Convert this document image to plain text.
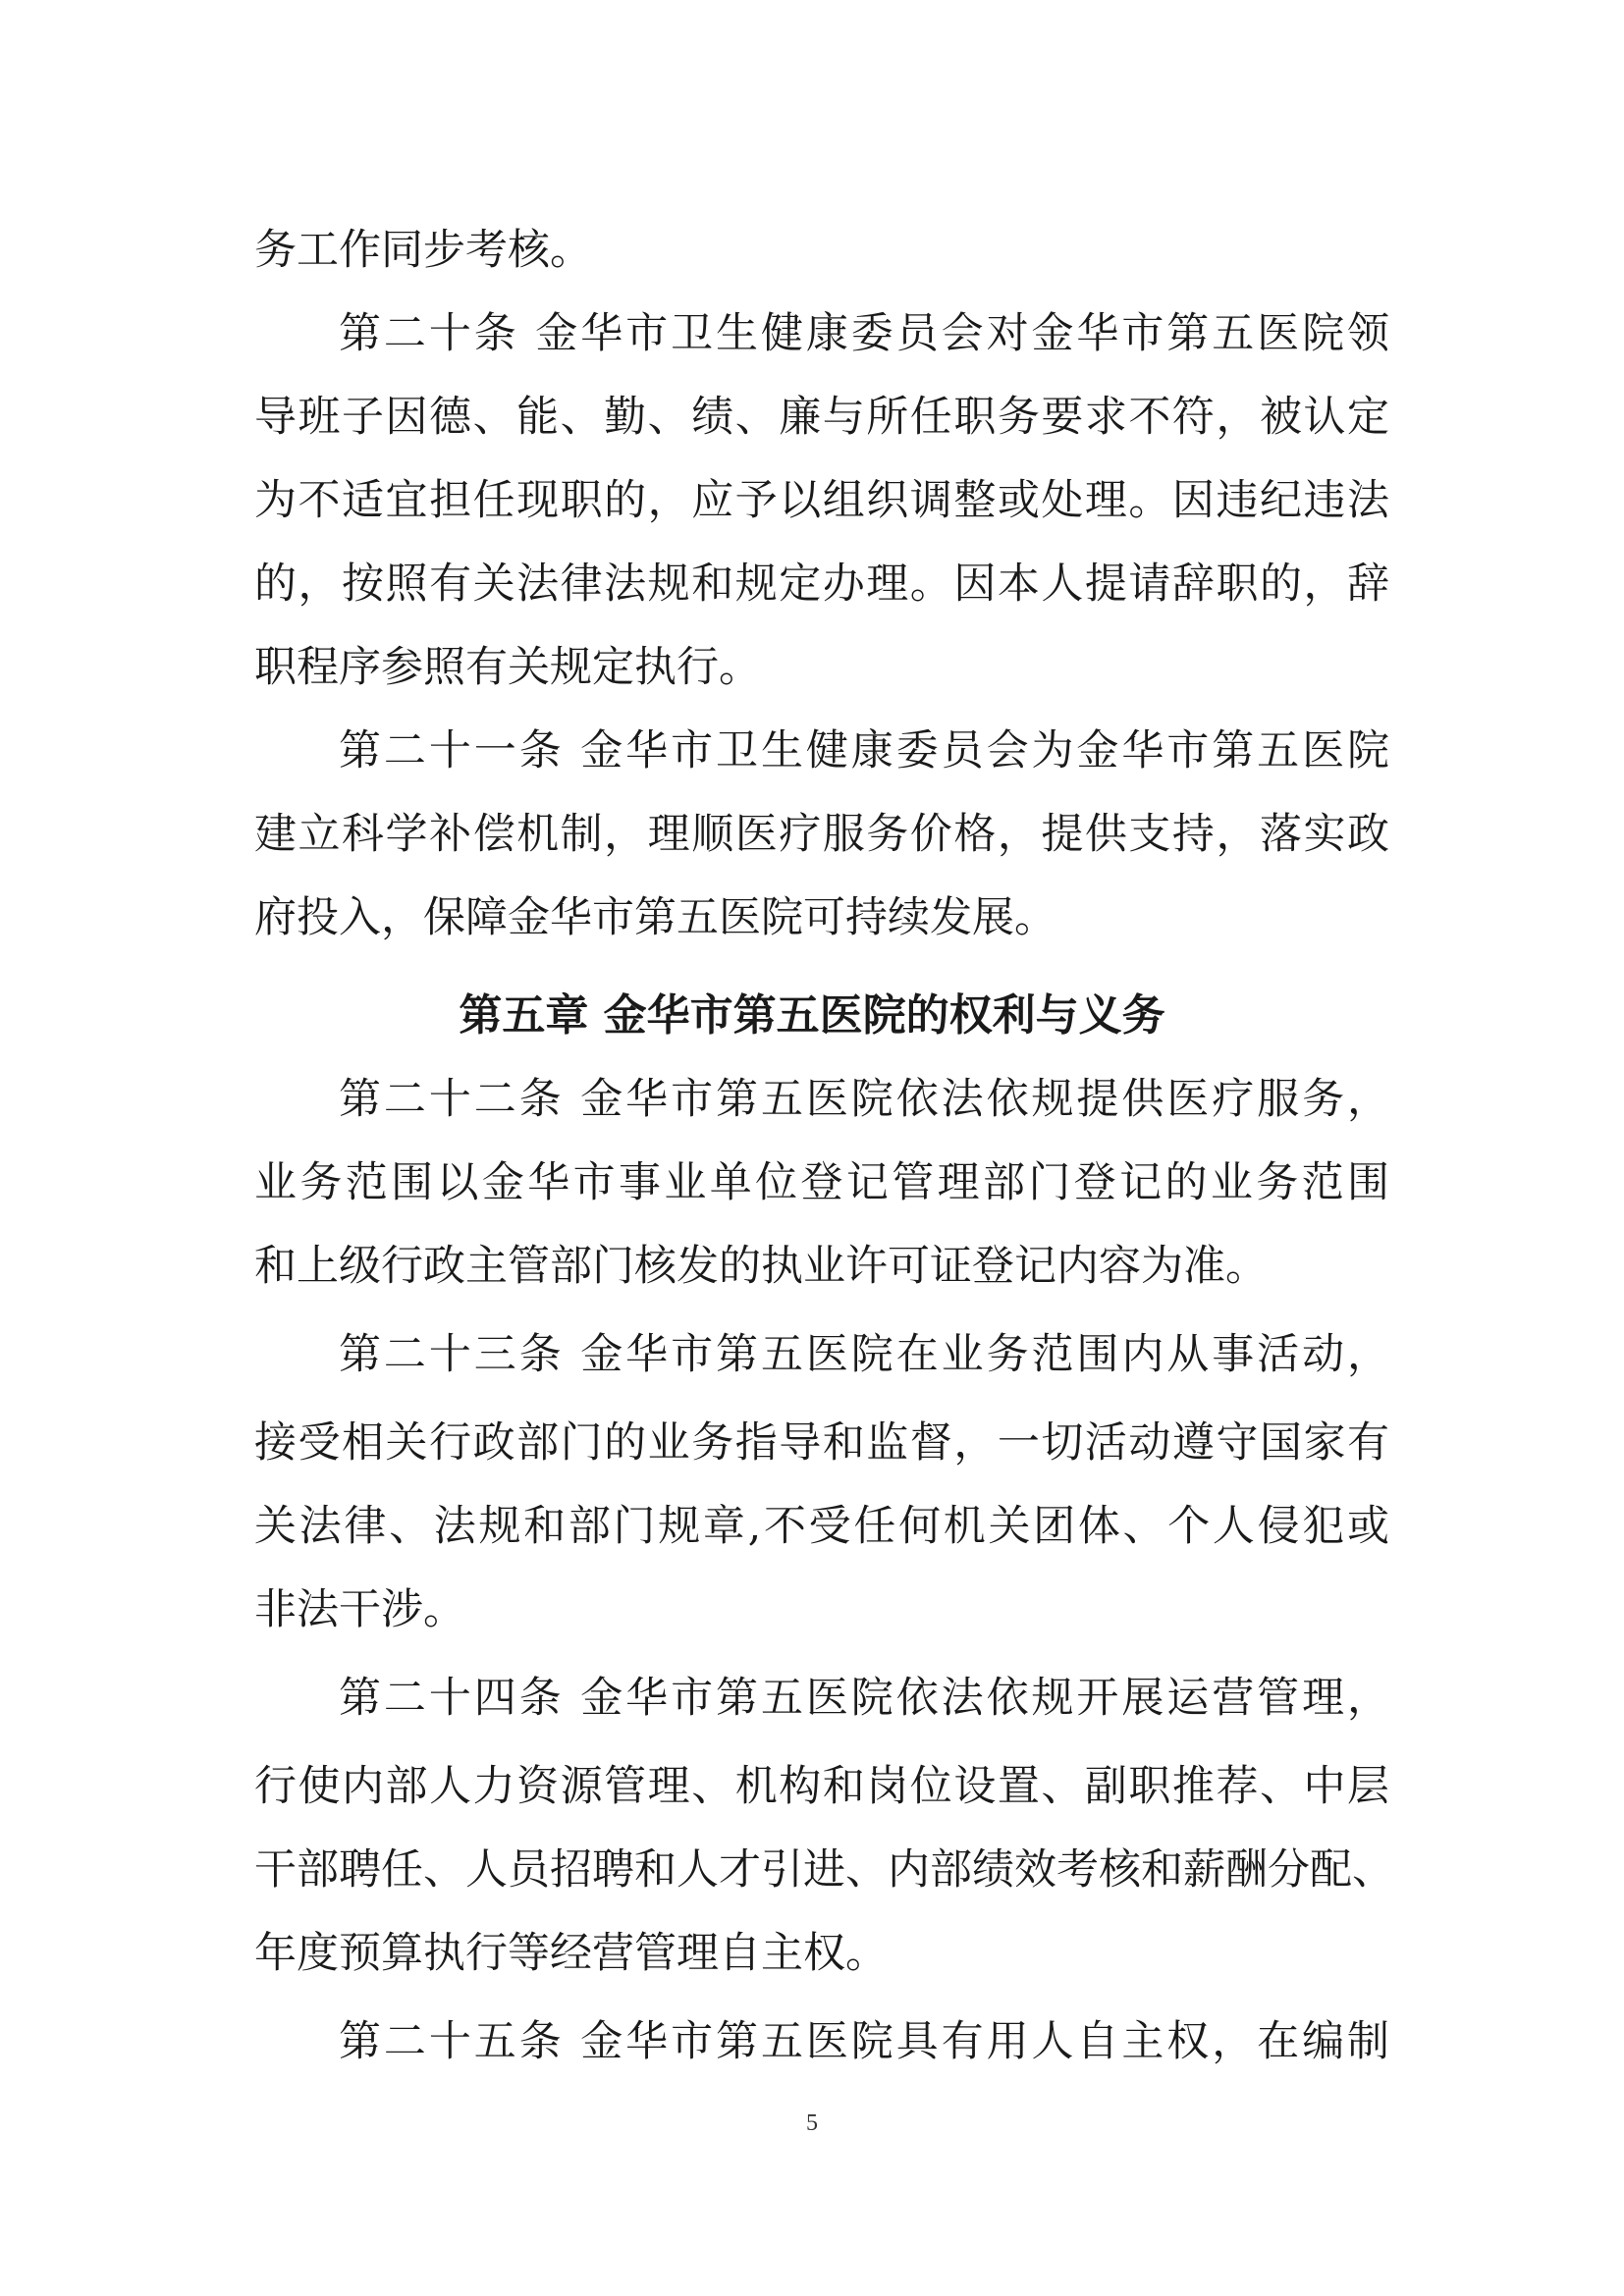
务工作同步考核。
第二十条 金华市卫生健康委员会对金华市第五医院领
导班子因德、能、勤、绩、廉与所任职务要求不符，被认定
为不适宜担任现职的，应予以组织调整或处理。因违纪违法
的，按照有关法律法规和规定办理。因本人提请辞职的，辞
职程序参照有关规定执行。
第二十一条 金华市卫生健康委员会为金华市第五医院
建立科学补偿机制，理顺医疗服务价格，提供支持，落实政
府投入，保障金华市第五医院可持续发展。
第五章 金华市第五医院的权利与义务
第二十二条 金华市第五医院依法依规提供医疗服务，
业务范围以金华市事业单位登记管理部门登记的业务范围
和上级行政主管部门核发的执业许可证登记内容为准。
第二十三条 金华市第五医院在业务范围内从事活动，
接受相关行政部门的业务指导和监督，一切活动遵守国家有
关法律、法规和部门规章,不受任何机关团体、个人侵犯或
非法干涉。
第二十四条 金华市第五医院依法依规开展运营管理，
行使内部人力资源管理、机构和岗位设置、副职推荐、中层
干部聘任、人员招聘和人才引进、内部绩效考核和薪酬分配、
年度预算执行等经营管理自主权。
第二十五条 金华市第五医院具有用人自主权，在编制
5
